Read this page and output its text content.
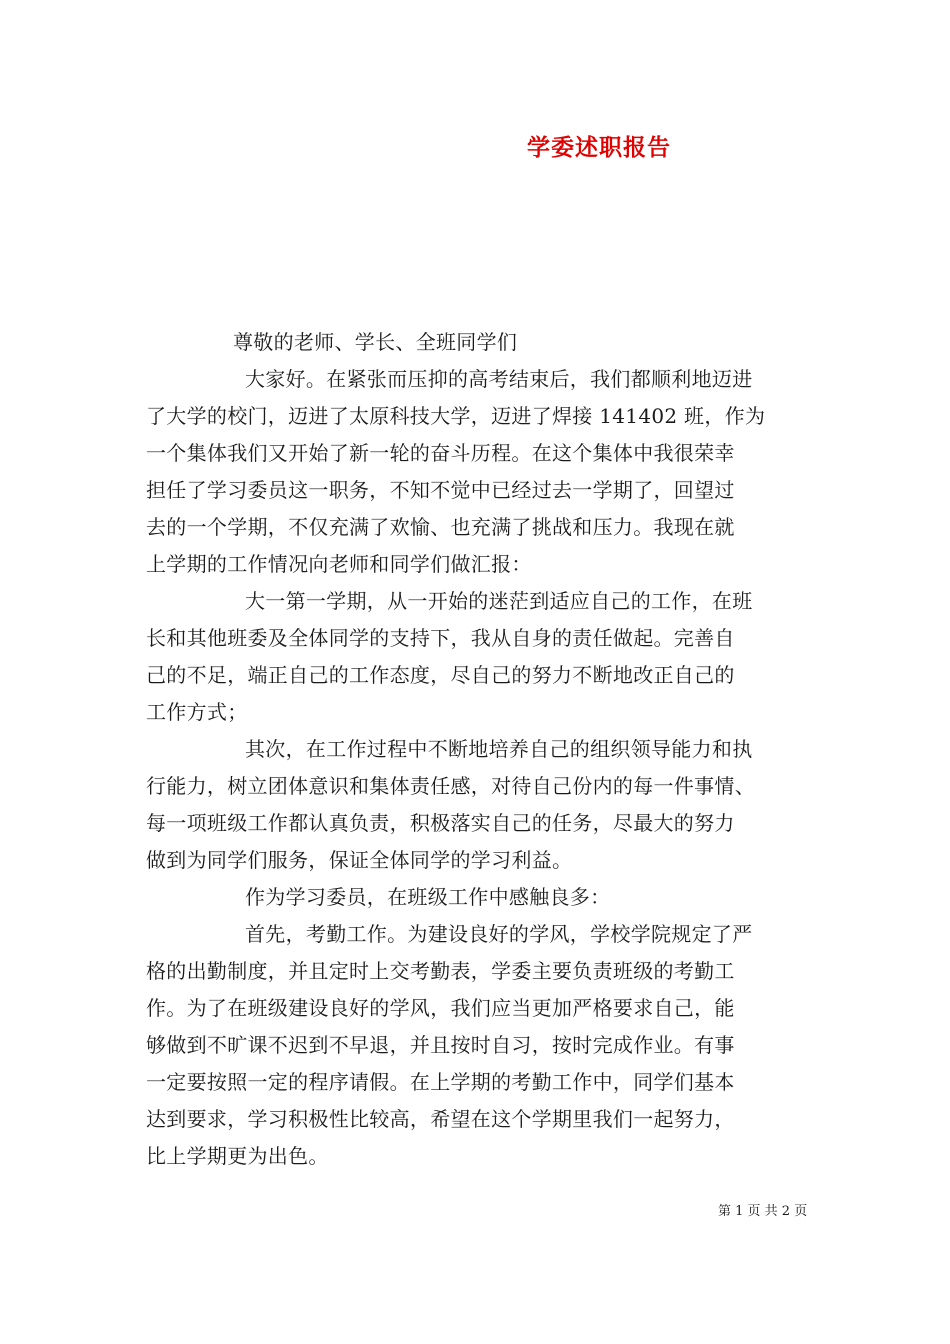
学委述职报告
尊敬的老师、学长、全班同学们
大家好。在紧张而压抑的高考结束后，我们都顺利地迈进
了大学的校门，迈进了太原科技大学，迈进了焊接 141402 班，作为
一个集体我们又开始了新一轮的奋斗历程。在这个集体中我很荣幸
担任了学习委员这一职务，不知不觉中已经过去一学期了，回望过
去的一个学期，不仅充满了欢愉、也充满了挑战和压力。我现在就
上学期的工作情况向老师和同学们做汇报：
大一第一学期，从一开始的迷茫到适应自己的工作，在班
长和其他班委及全体同学的支持下，我从自身的责任做起。完善自
己的不足，端正自己的工作态度，尽自己的努力不断地改正自己的
工作方式；
其次，在工作过程中不断地培养自己的组织领导能力和执
行能力，树立团体意识和集体责任感，对待自己份内的每一件事情、
每一项班级工作都认真负责，积极落实自己的任务，尽最大的努力
做到为同学们服务，保证全体同学的学习利益。
作为学习委员，在班级工作中感触良多：
首先，考勤工作。为建设良好的学风，学校学院规定了严
格的出勤制度，并且定时上交考勤表，学委主要负责班级的考勤工
作。为了在班级建设良好的学风，我们应当更加严格要求自己，能
够做到不旷课不迟到不早退，并且按时自习，按时完成作业。有事
一定要按照一定的程序请假。在上学期的考勤工作中，同学们基本
达到要求，学习积极性比较高，希望在这个学期里我们一起努力，
比上学期更为出色。
第 1 页 共 2 页
